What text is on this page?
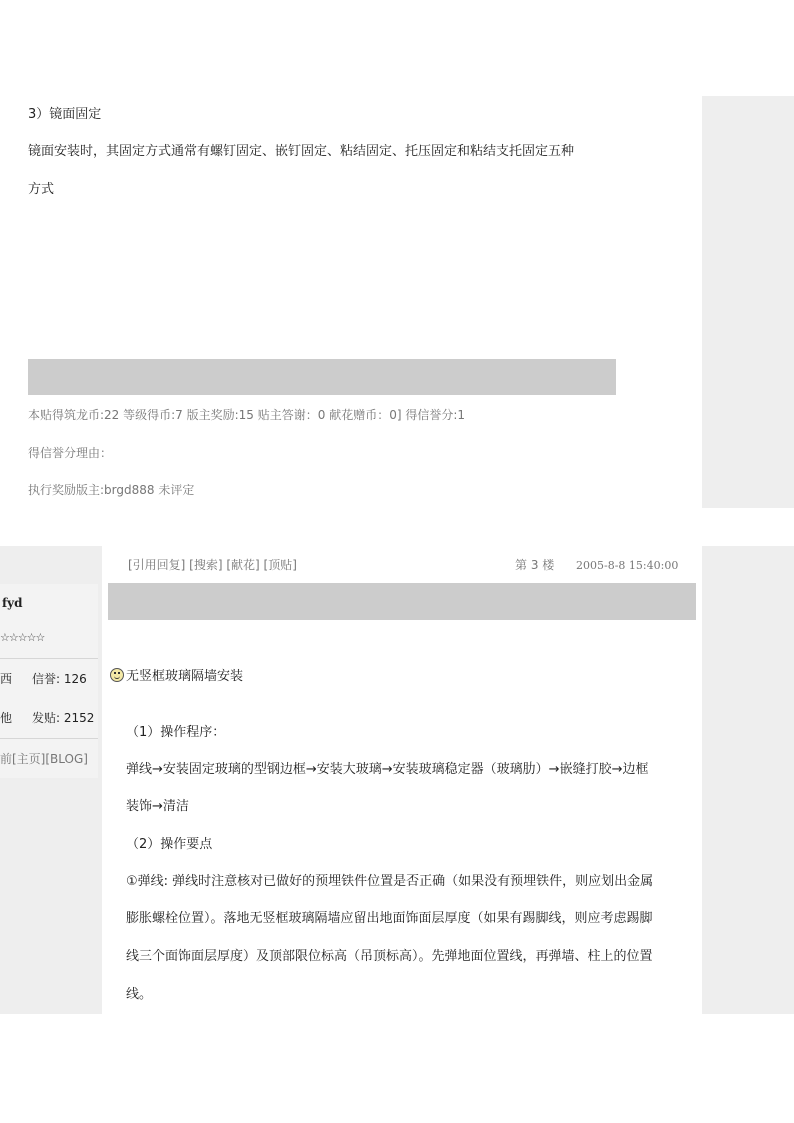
3）镜面固定
镜面安装时，其固定方式通常有螺钉固定、嵌钉固定、粘结固定、托压固定和粘结支托固定五种
方式
本贴得筑龙币:22 等级得币:7 版主奖励:15 贴主答谢：0 献花赠币：0] 得信誉分:1
得信誉分理由：
执行奖励版主:brgd888 未评定
fyd
☆☆☆☆☆
西 信誉: 126
他 发贴: 2152
前[主页][BLOG]
[引用回复] [搜索] [献花] [顶贴]	第 3 楼 2005-8-8 15:40:00
无竖框玻璃隔墙安装
（1）操作程序：
弹线→安装固定玻璃的型钢边框→安装大玻璃→安装玻璃稳定器（玻璃肋）→嵌缝打胶→边框
装饰→清洁
（2）操作要点
①弹线: 弹线时注意核对已做好的预埋铁件位置是否正确（如果没有预埋铁件，则应划出金属
膨胀螺栓位置）。落地无竖框玻璃隔墙应留出地面饰面层厚度（如果有踢脚线，则应考虑踢脚
线三个面饰面层厚度）及顶部限位标高（吊顶标高）。先弹地面位置线，再弹墙、柱上的位置
线。
